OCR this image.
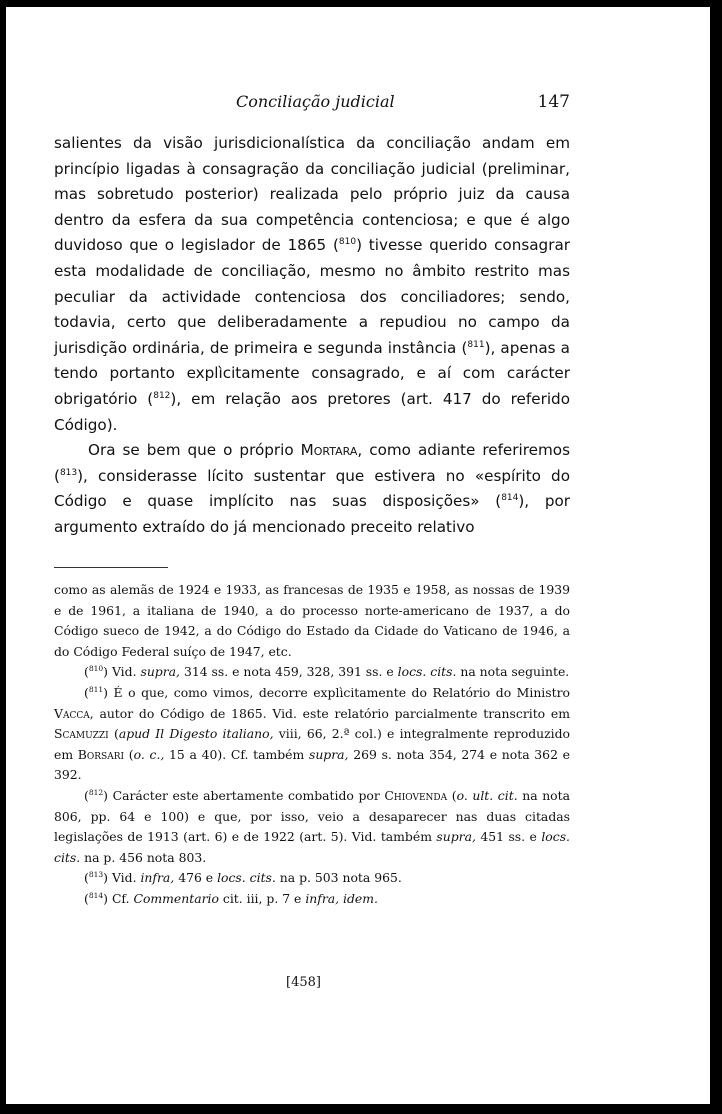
Conciliação judicial	147

salientes da visão jurisdicionalística da conciliação andam em princípio ligadas à consagração da conciliação judicial (preliminar, mas sobretudo posterior) realizada pelo próprio juiz da causa dentro da esfera da sua competência contenciosa; e que é algo duvidoso que o legislador de 1865 ($^{810}$) tivesse querido consagrar esta modalidade de conciliação, mesmo no âmbito restrito mas peculiar da actividade contenciosa dos conciliadores; sendo, todavia, certo que deliberadamente a repudiou no campo da jurisdição ordinária, de primeira e segunda instância ($^{811}$), apenas a tendo portanto explìcitamente consagrado, e aí com carácter obrigatório ($^{812}$), em relação aos pretores (art. 417 do referido Código).

Ora se bem que o próprio Mortara, como adiante referiremos ($^{813}$), considerasse lícito sustentar que estivera no «espírito do Código e quase implícito nas suas disposições» ($^{814}$), por argumento extraído do já mencionado preceito relativo

como as alemãs de 1924 e 1933, as francesas de 1935 e 1958, as nossas de 1939 e de 1961, a italiana de 1940, a do processo norte-americano de 1937, a do Código sueco de 1942, a do Código do Estado da Cidade do Vaticano de 1946, a do Código Federal suíço de 1947, etc.

($^{810}$) Vid. supra, 314 ss. e nota 459, 328, 391 ss. e locs. cits. na nota seguinte.

($^{811}$) É o que, como vimos, decorre explìcitamente do Relatório do Ministro Vacca, autor do Código de 1865. Vid. este relatório parcialmente transcrito em Scamuzzi (apud Il Digesto italiano, viii, 66, 2.ª col.) e integralmente reproduzido em Borsari (o. c., 15 a 40). Cf. também supra, 269 s. nota 354, 274 e nota 362 e 392.

($^{812}$) Carácter este abertamente combatido por Chiovenda (o. ult. cit. na nota 806, pp. 64 e 100) e que, por isso, veio a desaparecer nas duas citadas legislações de 1913 (art. 6) e de 1922 (art. 5). Vid. também supra, 451 ss. e locs. cits. na p. 456 nota 803.

($^{813}$) Vid. infra, 476 e locs. cits. na p. 503 nota 965.

($^{814}$) Cf. Commentario cit. iii, p. 7 e infra, idem.

[458]
